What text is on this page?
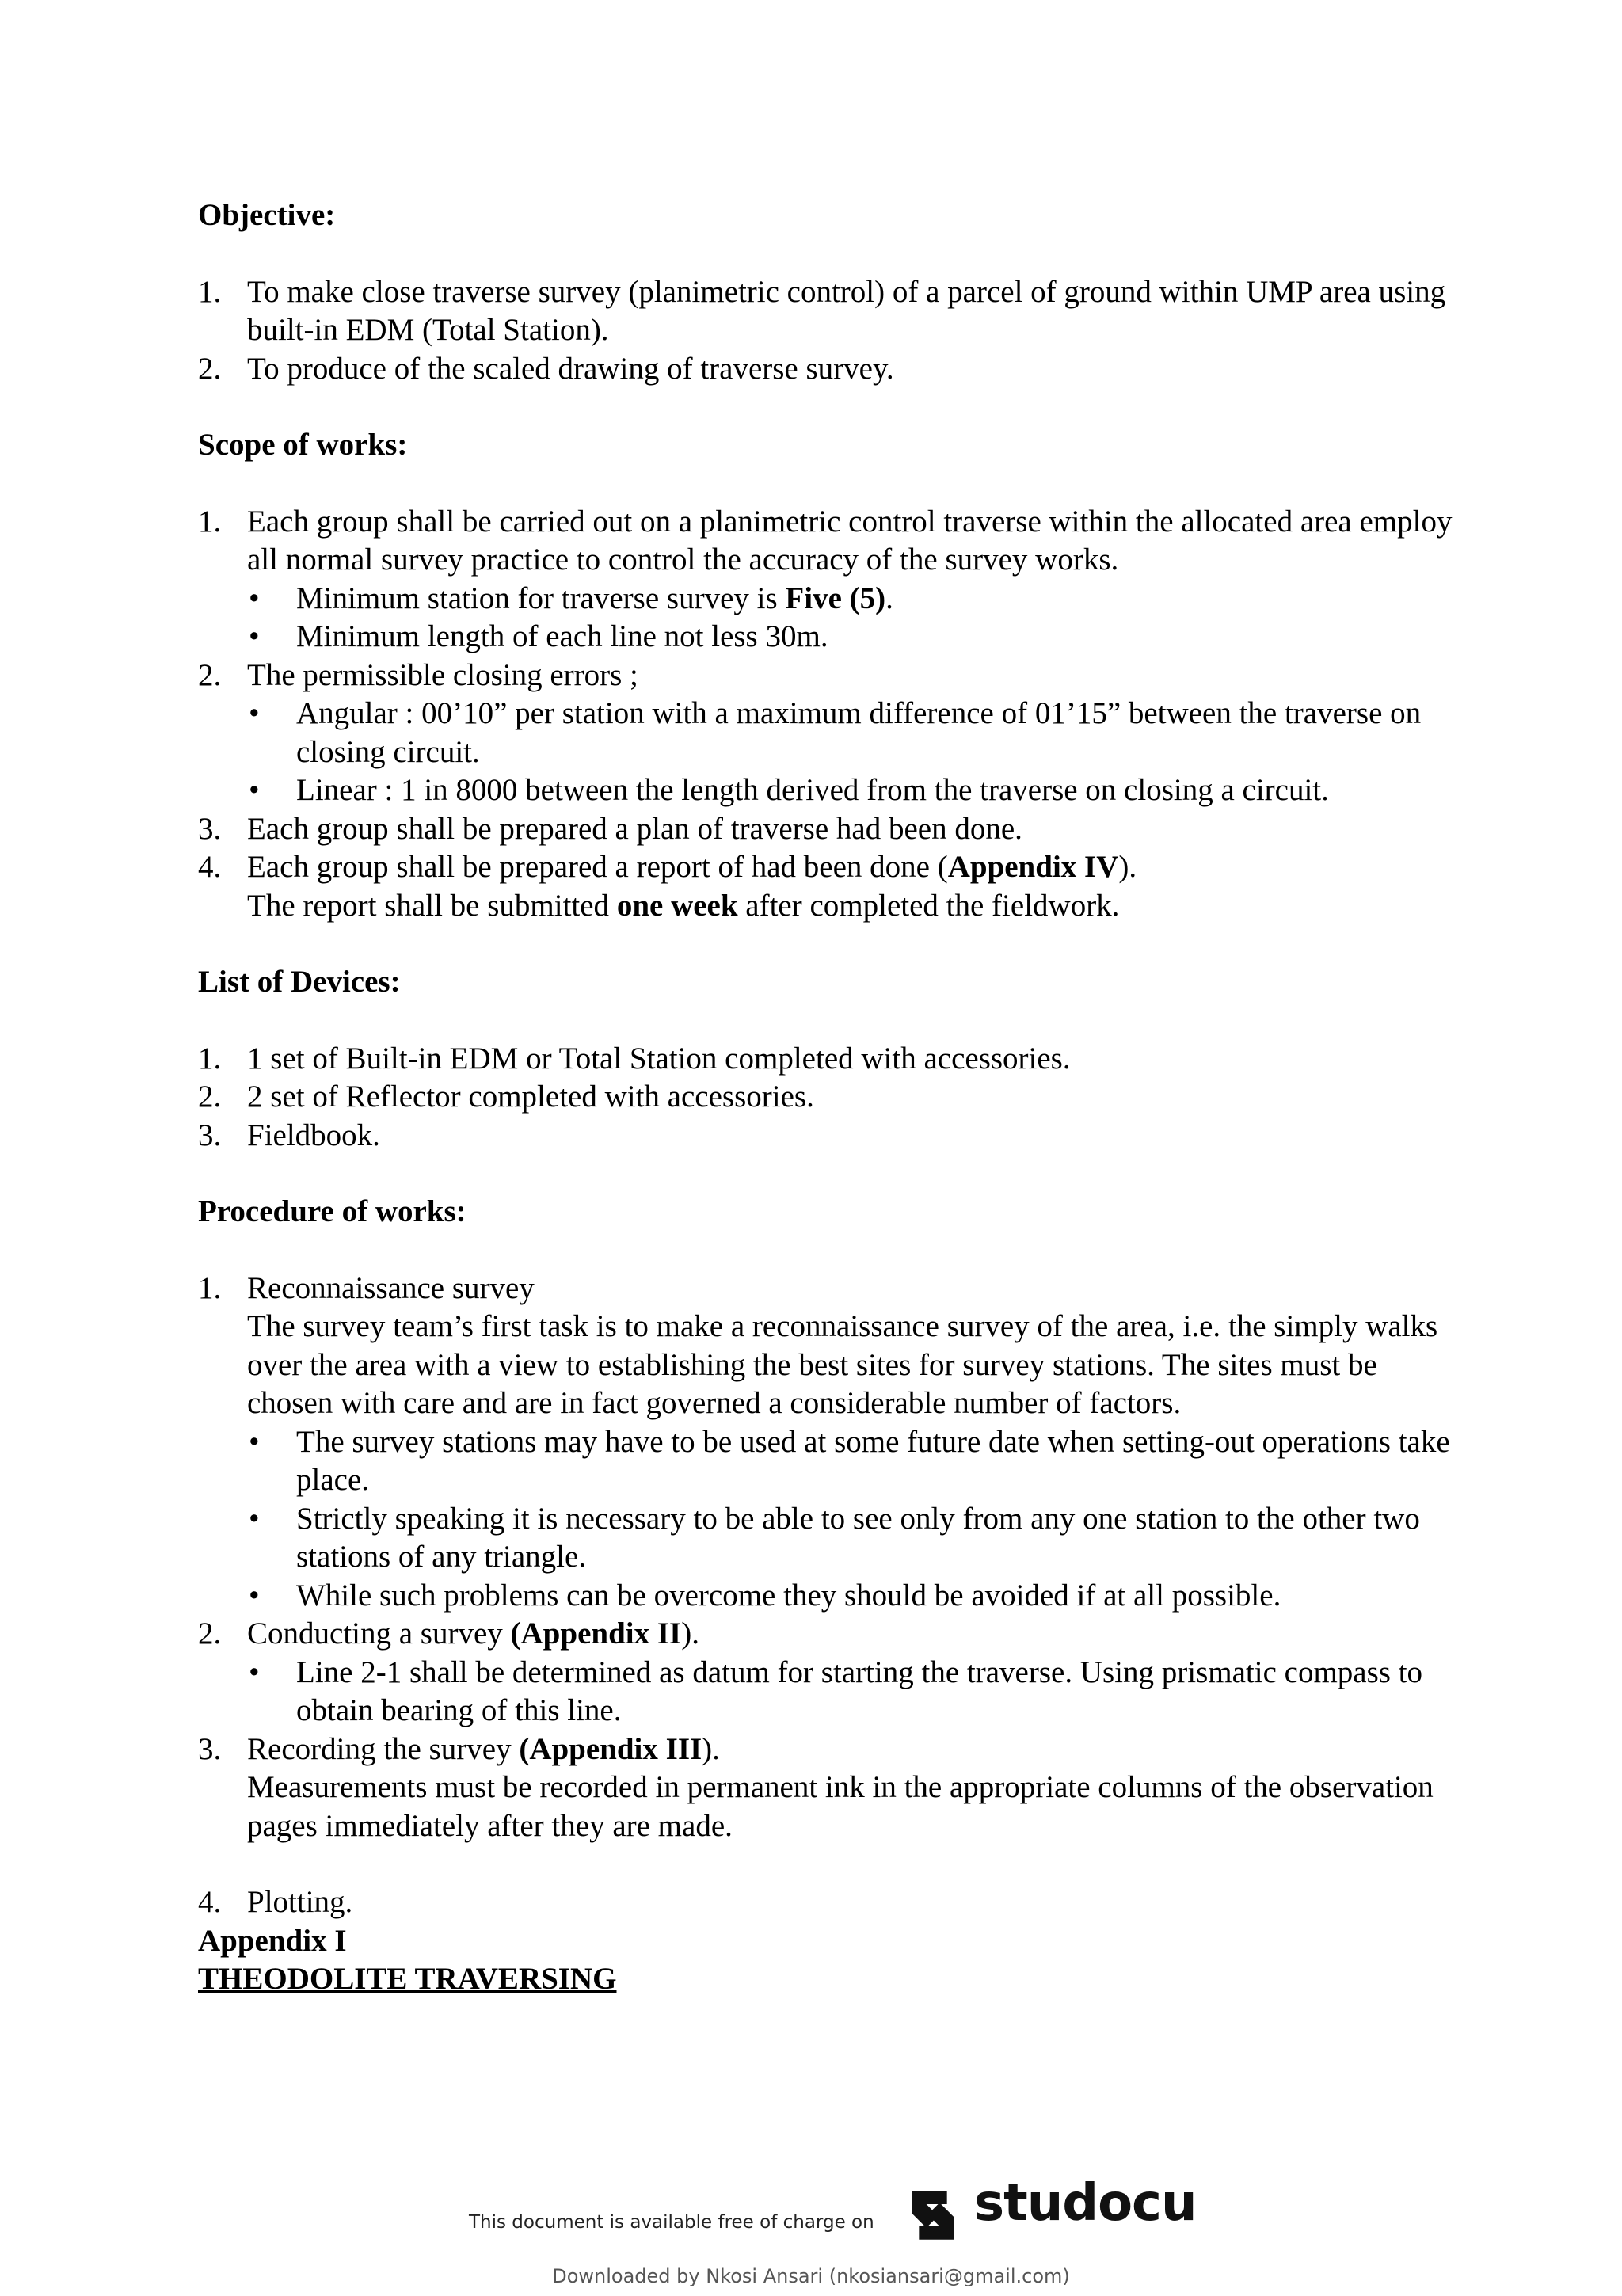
Objective:

1. To make close traverse survey (planimetric control) of a parcel of ground within UMP area using built-in EDM (Total Station).
2. To produce of the scaled drawing of traverse survey.

Scope of works:

1. Each group shall be carried out on a planimetric control traverse within the allocated area employ all normal survey practice to control the accuracy of the survey works.
• Minimum station for traverse survey is Five (5).
• Minimum length of each line not less 30m.
2. The permissible closing errors ;
• Angular : 00’10” per station with a maximum difference of 01’15” between the traverse on closing circuit.
• Linear : 1 in 8000 between the length derived from the traverse on closing a circuit.
3. Each group shall be prepared a plan of traverse had been done.
4. Each group shall be prepared a report of had been done (Appendix IV).
The report shall be submitted one week after completed the fieldwork.

List of Devices:

1. 1 set of Built-in EDM or Total Station completed with accessories.
2. 2 set of Reflector completed with accessories.
3. Fieldbook.

Procedure of works:

1. Reconnaissance survey
The survey team’s first task is to make a reconnaissance survey of the area, i.e. the simply walks over the area with a view to establishing the best sites for survey stations. The sites must be chosen with care and are in fact governed a considerable number of factors.
• The survey stations may have to be used at some future date when setting-out operations take place.
• Strictly speaking it is necessary to be able to see only from any one station to the other two stations of any triangle.
• While such problems can be overcome they should be avoided if at all possible.
2. Conducting a survey (Appendix II).
• Line 2-1 shall be determined as datum for starting the traverse. Using prismatic compass to obtain bearing of this line.
3. Recording the survey (Appendix III).
Measurements must be recorded in permanent ink in the appropriate columns of the observation pages immediately after they are made.
4. Plotting.

Appendix I

THEODOLITE TRAVERSING

This document is available free of charge on studocu
Downloaded by Nkosi Ansari (nkosiansari@gmail.com)
